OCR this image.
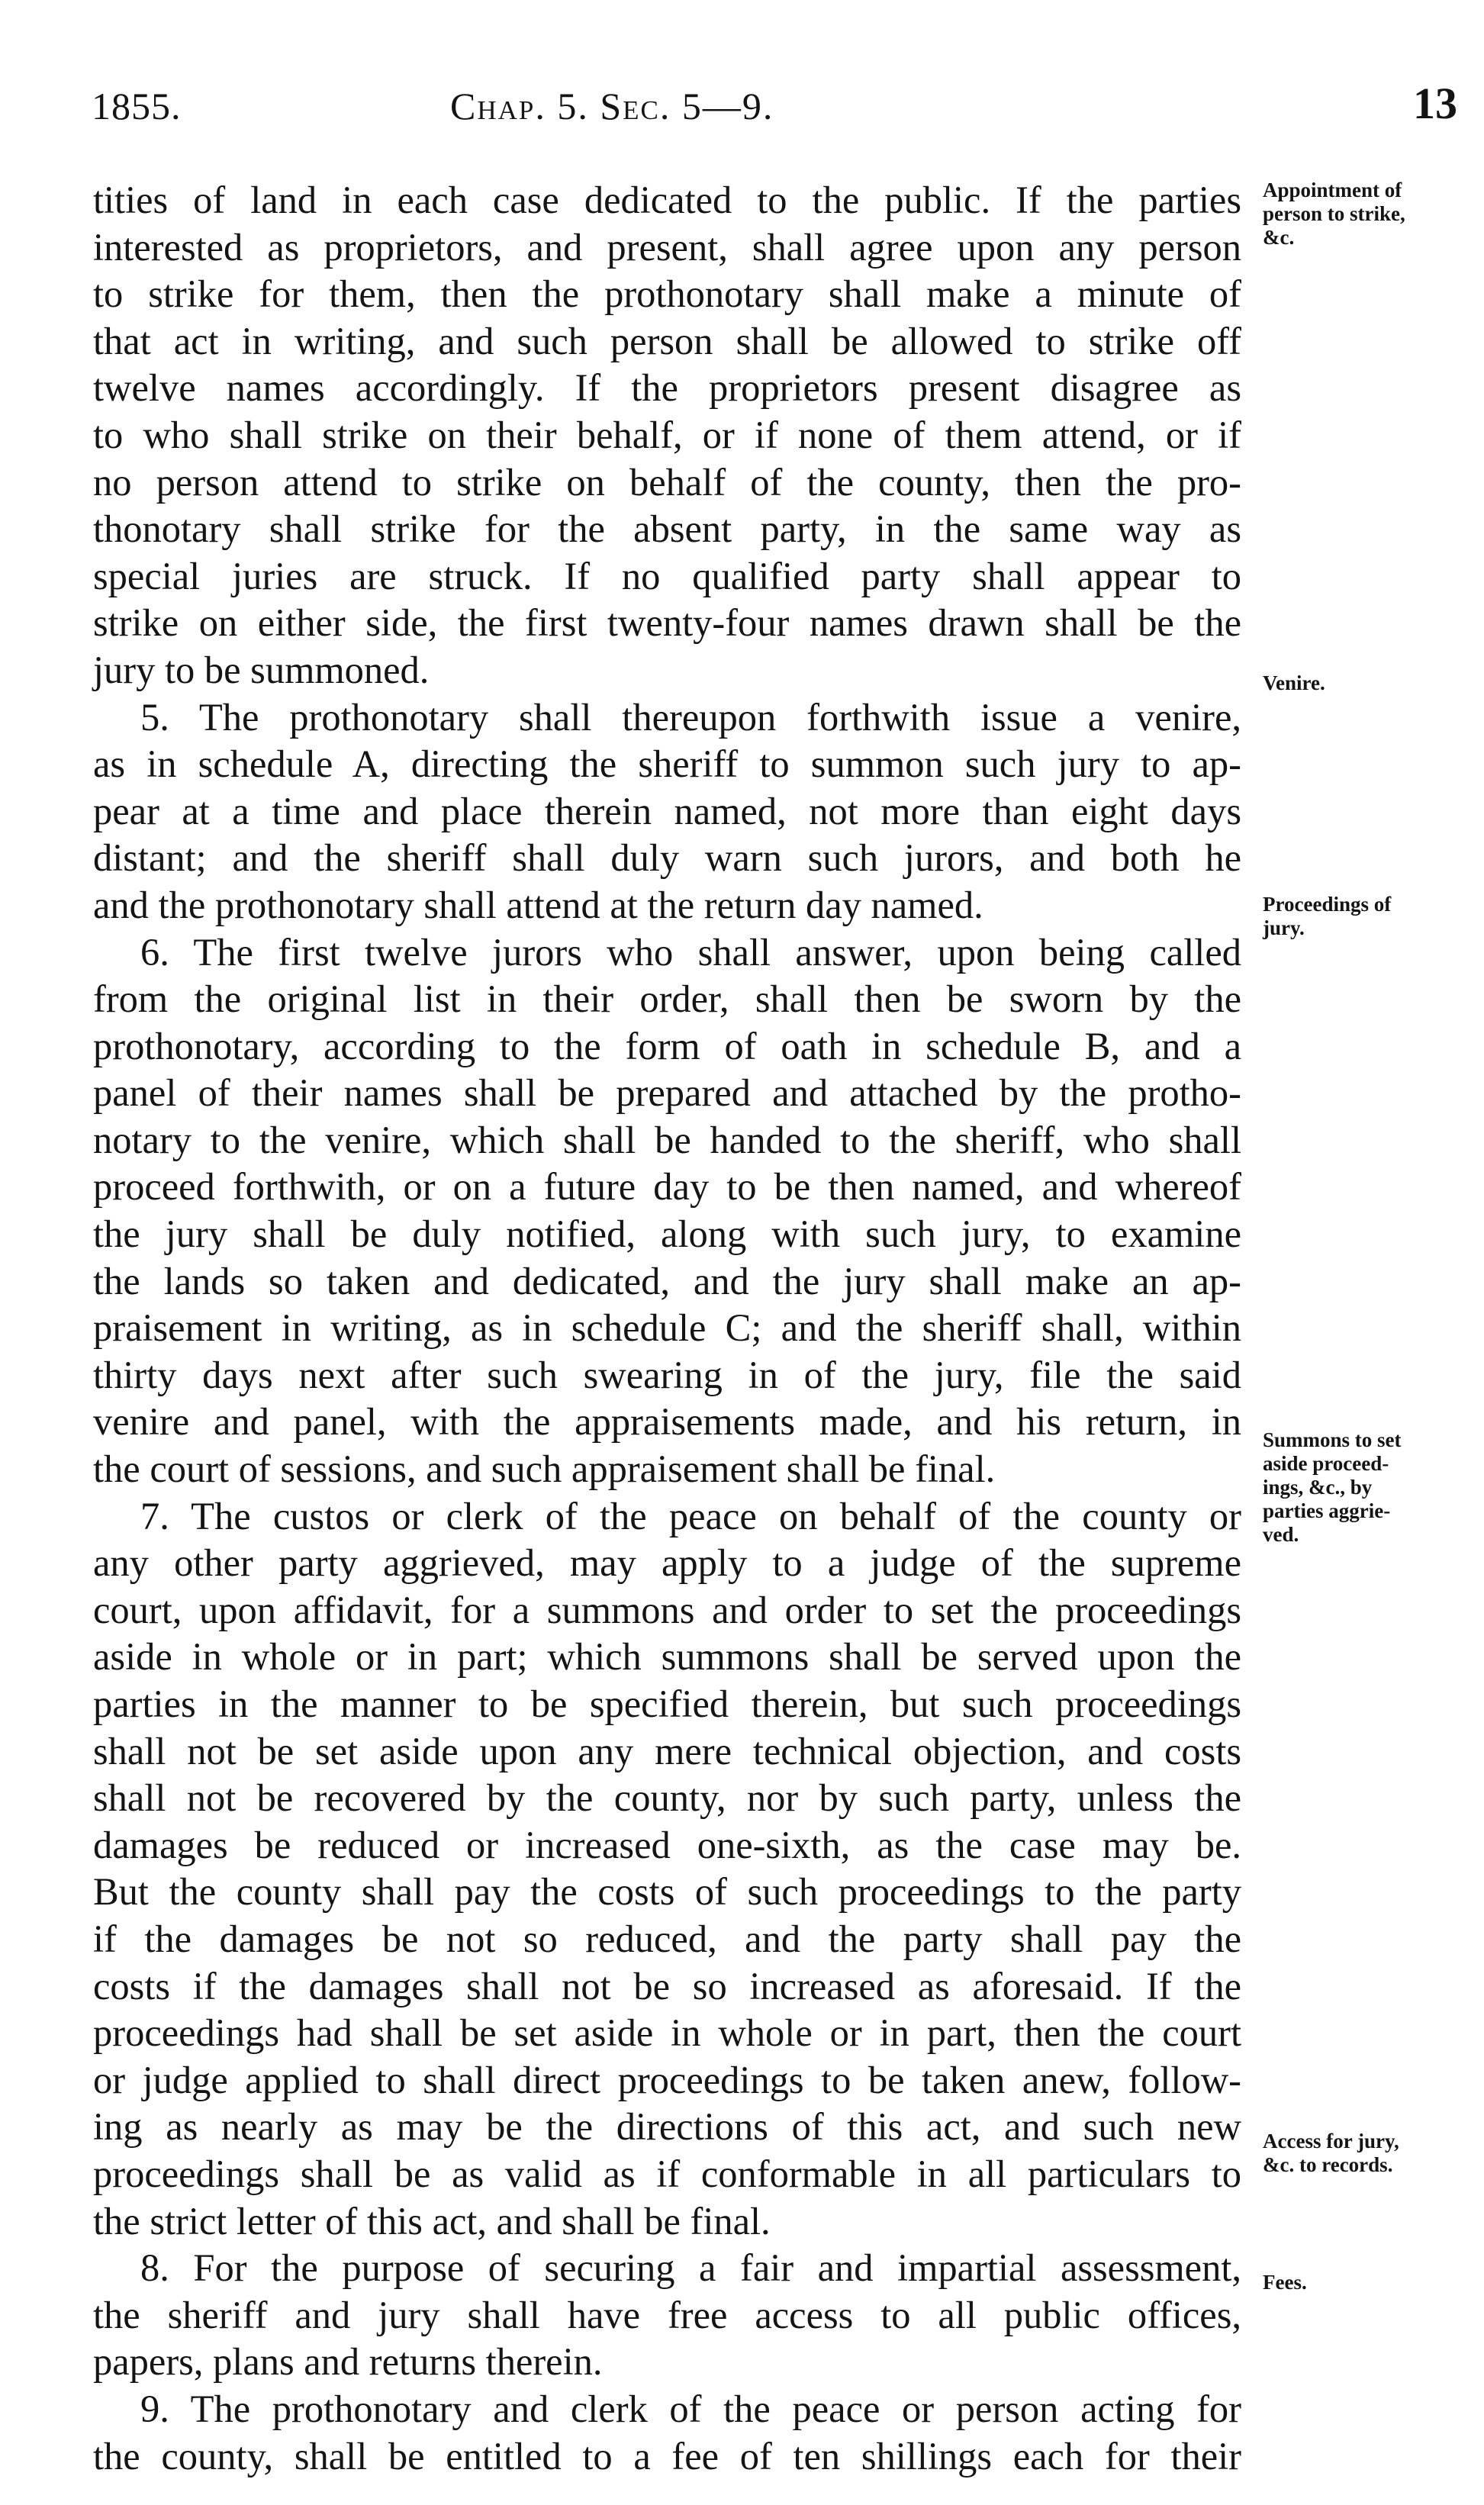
1855.	Chap. 5. Sec. 5—9.	13
tities of land in each case dedicated to the public. If the parties
interested as proprietors, and present, shall agree upon any person
to strike for them, then the prothonotary shall make a minute of
that act in writing, and such person shall be allowed to strike off
twelve names accordingly. If the proprietors present disagree as
to who shall strike on their behalf, or if none of them attend, or if
no person attend to strike on behalf of the county, then the pro-
thonotary shall strike for the absent party, in the same way as
special juries are struck. If no qualified party shall appear to
strike on either side, the first twenty-four names drawn shall be the
jury to be summoned.
5. The prothonotary shall thereupon forthwith issue a venire,
as in schedule A, directing the sheriff to summon such jury to ap-
pear at a time and place therein named, not more than eight days
distant; and the sheriff shall duly warn such jurors, and both he
and the prothonotary shall attend at the return day named.
6. The first twelve jurors who shall answer, upon being called
from the original list in their order, shall then be sworn by the
prothonotary, according to the form of oath in schedule B, and a
panel of their names shall be prepared and attached by the protho-
notary to the venire, which shall be handed to the sheriff, who shall
proceed forthwith, or on a future day to be then named, and whereof
the jury shall be duly notified, along with such jury, to examine
the lands so taken and dedicated, and the jury shall make an ap-
praisement in writing, as in schedule C; and the sheriff shall, within
thirty days next after such swearing in of the jury, file the said
venire and panel, with the appraisements made, and his return, in
the court of sessions, and such appraisement shall be final.
7. The custos or clerk of the peace on behalf of the county or
any other party aggrieved, may apply to a judge of the supreme
court, upon affidavit, for a summons and order to set the proceedings
aside in whole or in part; which summons shall be served upon the
parties in the manner to be specified therein, but such proceedings
shall not be set aside upon any mere technical objection, and costs
shall not be recovered by the county, nor by such party, unless the
damages be reduced or increased one-sixth, as the case may be.
But the county shall pay the costs of such proceedings to the party
if the damages be not so reduced, and the party shall pay the
costs if the damages shall not be so increased as aforesaid. If the
proceedings had shall be set aside in whole or in part, then the court
or judge applied to shall direct proceedings to be taken anew, follow-
ing as nearly as may be the directions of this act, and such new
proceedings shall be as valid as if conformable in all particulars to
the strict letter of this act, and shall be final.
8. For the purpose of securing a fair and impartial assessment,
the sheriff and jury shall have free access to all public offices,
papers, plans and returns therein.
9. The prothonotary and clerk of the peace or person acting for
the county, shall be entitled to a fee of ten shillings each for their
Appointment of
person to strike,
&c.
Venire.
Proceedings of
jury.
Summons to set
aside proceed-
ings, &c., by
parties aggrie-
ved.
Access for jury,
&c. to records.
Fees.
